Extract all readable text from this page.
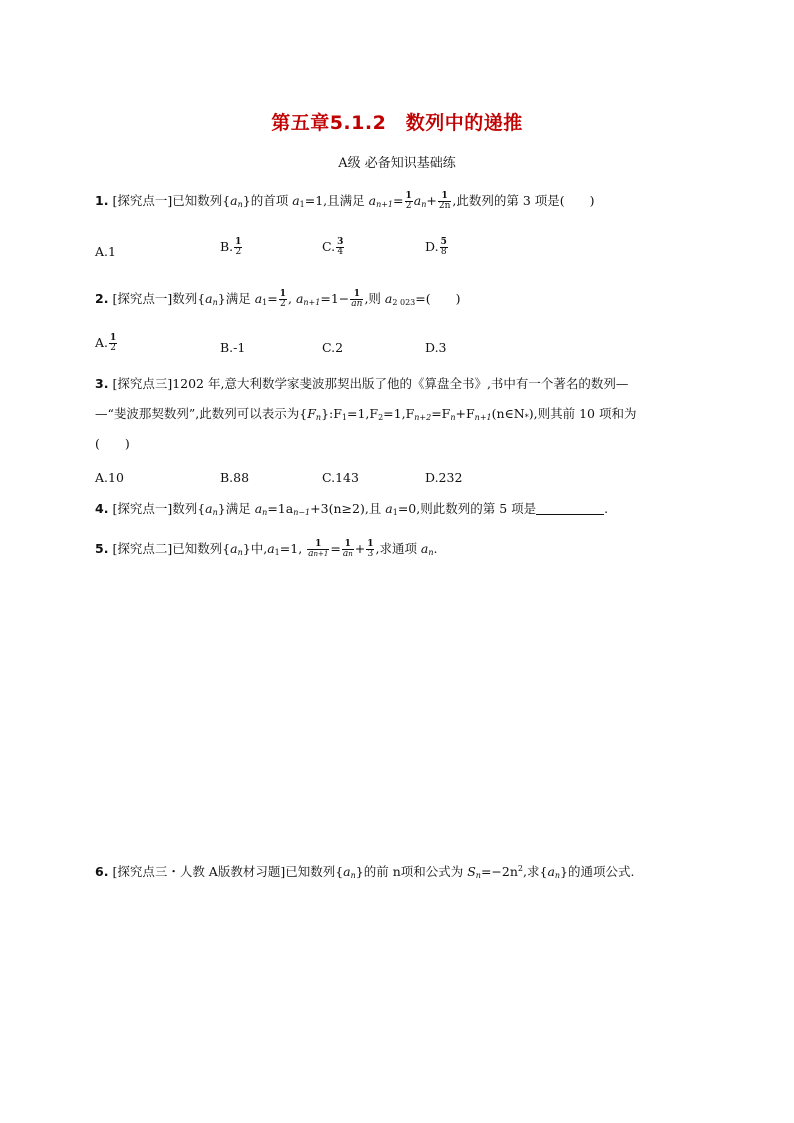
第五章5.1.2　数列中的递推
A级 必备知识基础练
1. [探究点一]已知数列$\{a_n\}$的首项 $a_1=1$,且满足 $a_{n+1}= \frac{1}{2} a_n+ \frac{1}{2n}$ ,此数列的第 3 项是(　　)
A.1	B. $\frac{1}{2}$	C. $\frac{3}{4}$	D. $\frac{5}{8}$
2. [探究点一]数列$\{a_n\}$满足 $a_1= \frac{1}{2}$ , $a_{n+1}=1- \frac{1}{an}$ ,则 $a_{2 023}=$(　　)
A. $\frac{1}{2}$	B.-1	C.2	D.3
3. [探究点三]1202 年,意大利数学家斐波那契出版了他的《算盘全书》,书中有一个著名的数列—
—“斐波那契数列”,此数列可以表示为$\{F_n\}:F_1=1,F_2=1,F_{n+2}=F_n+F_{n+1}(n\in N_*)$,则其前 10 项和为
(　　)
A.10	B.88	C.143	D.232
4. [探究点一]数列$\{a_n\}$满足 $a_n=1a_{n-1}+3(n\ge 2)$,且 $a_1=0$,则此数列的第 5 项是	.
5. [探究点二]已知数列$\{a_n\}$中$,a_1=1$, $\frac{1}{an+1} = \frac{1}{an} + \frac{1}{3}$ ,求通项 $a_n$.
6. [探究点三・人教 A版教材习题]已知数列$\{a_n\}$的前 n项和公式为 $S_n=-2n^2$,求$\{a_n\}$的通项公式.
